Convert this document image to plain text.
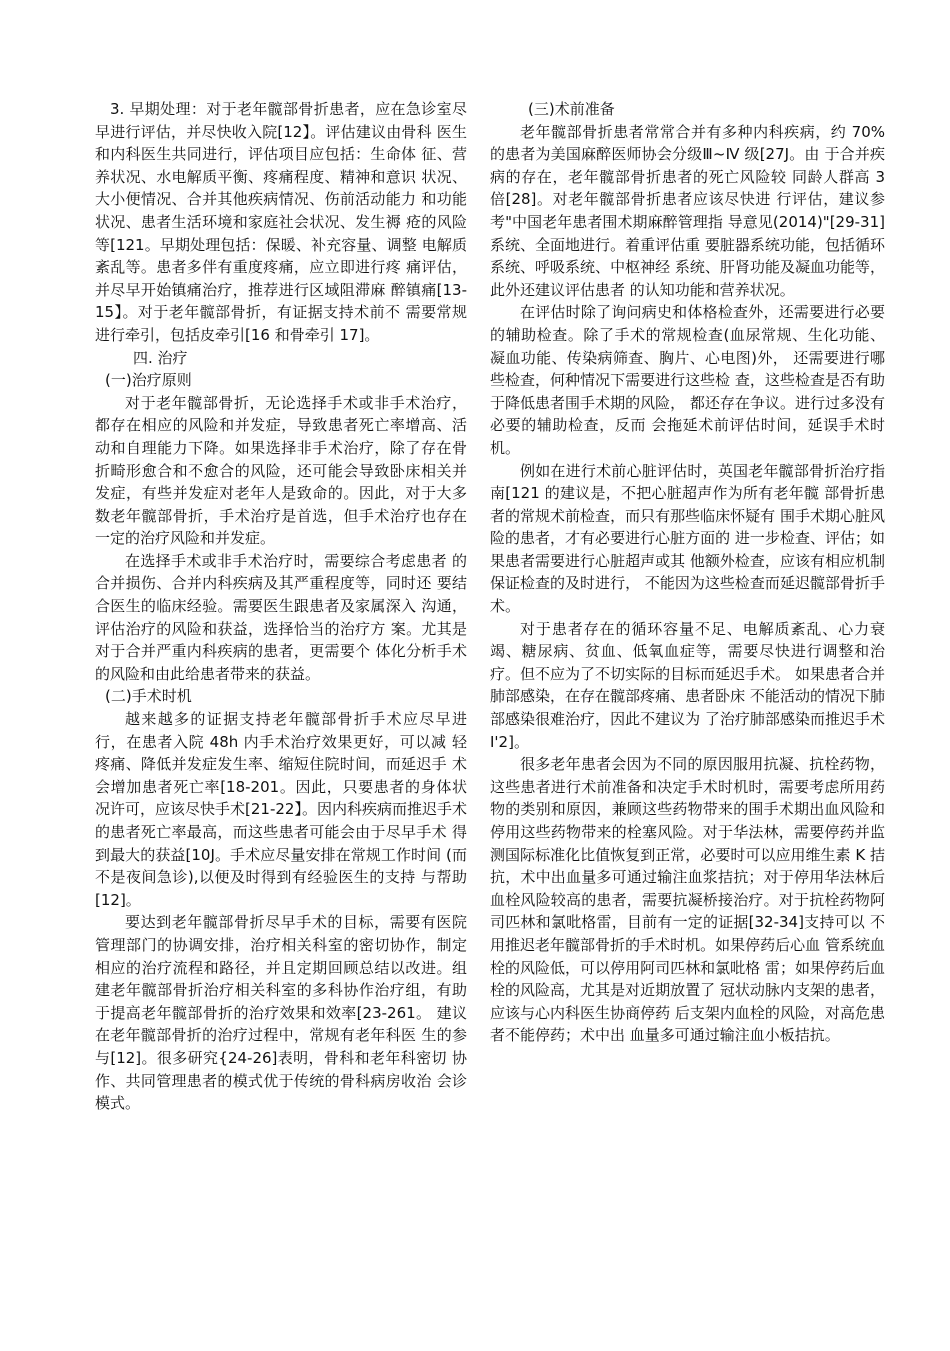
3. 早期处理：对于老年髋部骨折患者，应在急诊室尽早进行评估，并尽快收入院[12】。评估建议由骨科 医生和内科医生共同进行，评估项目应包括：生命体 征、营养状况、水电解质平衡、疼痛程度、精神和意识 状况、大小便情况、合并其他疾病情况、伤前活动能力 和功能状况、患者生活环境和家庭社会状况、发生褥 疮的风险等[121。早期处理包括：保暖、补充容量、调整 电解质紊乱等。患者多伴有重度疼痛，应立即进行疼 痛评估，并尽早开始镇痛治疗，推荐进行区域阻滞麻 醉镇痛[13-15】。对于老年髋部骨折，有证据支持术前不 需要常规进行牵引，包括皮牵引[16 和骨牵引 17]。

四. 治疗

(一)治疗原则

对于老年髋部骨折，无论选择手术或非手术治疗，都存在相应的风险和并发症，导致患者死亡率增高、活动和自理能力下降。如果选择非手术治疗，除了存在骨折畸形愈合和不愈合的风险，还可能会导致卧床相关并发症，有些并发症对老年人是致命的。因此，对于大多数老年髋部骨折，手术治疗是首选，但手术治疗也存在一定的治疗风险和并发症。

在选择手术或非手术治疗时，需要综合考虑患者 的合并损伤、合并内科疾病及其严重程度等，同时还 要结合医生的临床经验。需要医生跟患者及家属深入 沟通，评估治疗的风险和获益，选择恰当的治疗方 案。尤其是对于合并严重内科疾病的患者，更需要个 体化分析手术的风险和由此给患者带来的获益。

(二)手术时机

越来越多的证据支持老年髋部骨折手术应尽早进行，在患者入院 48h 内手术治疗效果更好，可以减 轻疼痛、降低并发症发生率、缩短住院时间，而延迟手 术会增加患者死亡率[18-201。因此，只要患者的身体状 况许可，应该尽快手术[21-22】。因内科疾病而推迟手术 的患者死亡率最高，而这些患者可能会由于尽早手术 得到最大的获益[10J。手术应尽量安排在常规工作时间 (而不是夜间急诊),以便及时得到有经验医生的支持 与帮助[12]。

要达到老年髋部骨折尽早手术的目标，需要有医院管理部门的协调安排，治疗相关科室的密切协作，制定相应的治疗流程和路径，并且定期回顾总结以改进。组建老年髋部骨折治疗相关科室的多科协作治疗组，有助于提高老年髋部骨折的治疗效果和效率[23-261。 建议在老年髋部骨折的治疗过程中，常规有老年科医 生的参与[12]。很多研究{24-26]表明，骨科和老年科密切 协作、共同管理患者的模式优于传统的骨科病房收治 会诊模式。

(三)术前准备

老年髋部骨折患者常常合并有多种内科疾病，约 70% 的患者为美国麻醉医师协会分级Ⅲ~Ⅳ 级[27J。由 于合并疾病的存在，老年髋部骨折患者的死亡风险较 同龄人群高 3 倍[28]。对老年髋部骨折患者应该尽快进 行评估，建议参考"中国老年患者围术期麻醉管理指 导意见(2014)"[29-31]系统、全面地进行。着重评估重 要脏器系统功能，包括循环系统、呼吸系统、中枢神经 系统、肝肾功能及凝血功能等，此外还建议评估患者 的认知功能和营养状况。

在评估时除了询问病史和体格检查外，还需要进行必要的辅助检查。除了手术的常规检查(血尿常规、生化功能、凝血功能、传染病筛查、胸片、心电图)外， 还需要进行哪些检查，何种情况下需要进行这些检 查，这些检查是否有助于降低患者围手术期的风险， 都还存在争议。进行过多没有必要的辅助检查，反而 会拖延术前评估时间，延误手术时机。

例如在进行术前心脏评估时，英国老年髋部骨折治疗指南[121 的建议是，不把心脏超声作为所有老年髋 部骨折患者的常规术前检查，而只有那些临床怀疑有 围手术期心脏风险的患者，才有必要进行心脏方面的 进一步检查、评估；如果患者需要进行心脏超声或其 他额外检查，应该有相应机制保证检查的及时进行， 不能因为这些检查而延迟髋部骨折手术。

对于患者存在的循环容量不足、电解质紊乱、心力衰竭、糖尿病、贫血、低氧血症等，需要尽快进行调整和治疗。但不应为了不切实际的目标而延迟手术。 如果患者合并肺部感染，在存在髋部疼痛、患者卧床 不能活动的情况下肺部感染很难治疗，因此不建议为 了治疗肺部感染而推迟手术 I'2]。

很多老年患者会因为不同的原因服用抗凝、抗栓药物，这些患者进行术前准备和决定手术时机时，需要考虑所用药物的类别和原因，兼顾这些药物带来的围手术期出血风险和停用这些药物带来的栓塞风险。对于华法林，需要停药并监测国际标准化比值恢复到正常，必要时可以应用维生素 K 拮抗，术中出血量多可通过输注血浆拮抗；对于停用华法林后血栓风险较高的患者，需要抗凝桥接治疗。对于抗栓药物阿司匹林和氯吡格雷，目前有一定的证据[32-34]支持可以 不用推迟老年髋部骨折的手术时机。如果停药后心血 管系统血栓的风险低，可以停用阿司匹林和氯吡格 雷；如果停药后血栓的风险高，尤其是对近期放置了 冠状动脉内支架的患者，应该与心内科医生协商停药 后支架内血栓的风险，对高危患者不能停药；术中出 血量多可通过输注血小板拮抗。
